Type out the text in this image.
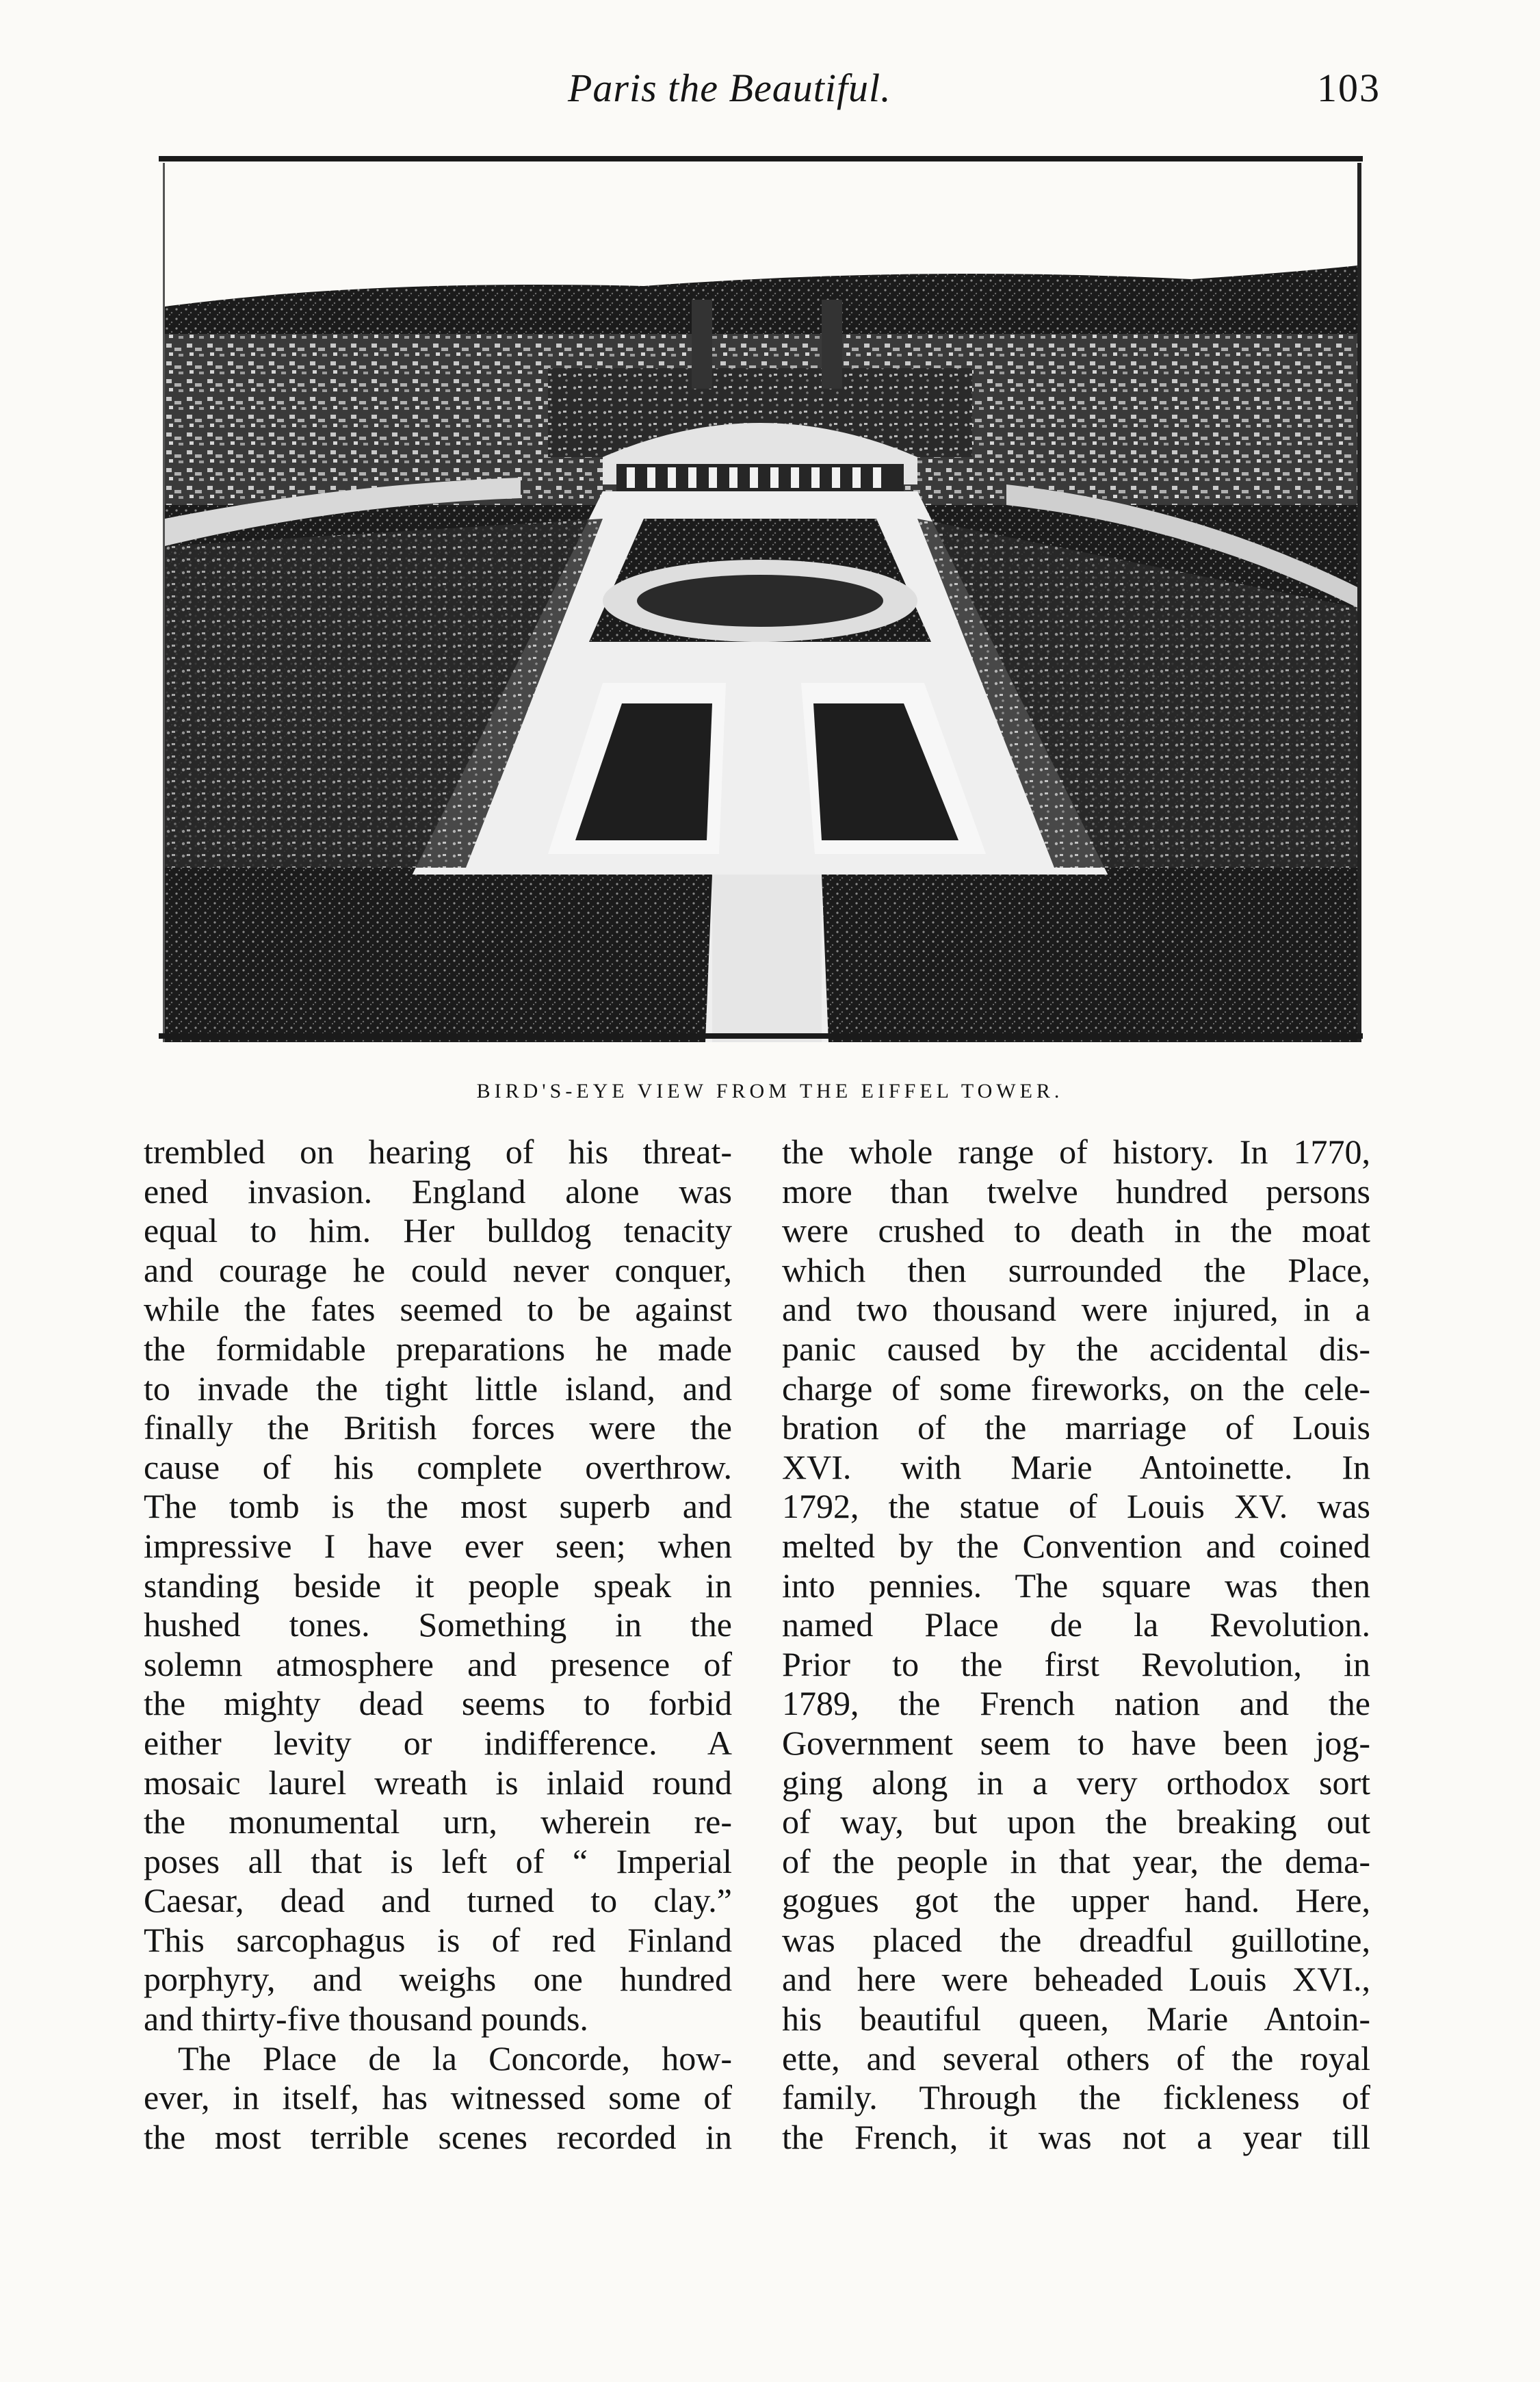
Paris the Beautiful.	103
BIRD'S-EYE VIEW FROM THE EIFFEL TOWER.
trembled on hearing of his threat-
ened invasion. England alone was
equal to him. Her bulldog tenacity
and courage he could never conquer,
while the fates seemed to be against
the formidable preparations he made
to invade the tight little island, and
finally the British forces were the
cause of his complete overthrow.
The tomb is the most superb and
impressive I have ever seen; when
standing beside it people speak in
hushed tones. Something in the
solemn atmosphere and presence of
the mighty dead seems to forbid
either levity or indifference. A
mosaic laurel wreath is inlaid round
the monumental urn, wherein re-
poses all that is left of “ Imperial
Caesar, dead and turned to clay.”
This sarcophagus is of red Finland
porphyry, and weighs one hundred
and thirty-five thousand pounds.
The Place de la Concorde, how-
ever, in itself, has witnessed some of
the most terrible scenes recorded in
the whole range of history. In 1770,
more than twelve hundred persons
were crushed to death in the moat
which then surrounded the Place,
and two thousand were injured, in a
panic caused by the accidental dis-
charge of some fireworks, on the cele-
bration of the marriage of Louis
XVI. with Marie Antoinette. In
1792, the statue of Louis XV. was
melted by the Convention and coined
into pennies. The square was then
named Place de la Revolution.
Prior to the first Revolution, in
1789, the French nation and the
Government seem to have been jog-
ging along in a very orthodox sort
of way, but upon the breaking out
of the people in that year, the dema-
gogues got the upper hand. Here,
was placed the dreadful guillotine,
and here were beheaded Louis XVI.,
his beautiful queen, Marie Antoin-
ette, and several others of the royal
family. Through the fickleness of
the French, it was not a year till
